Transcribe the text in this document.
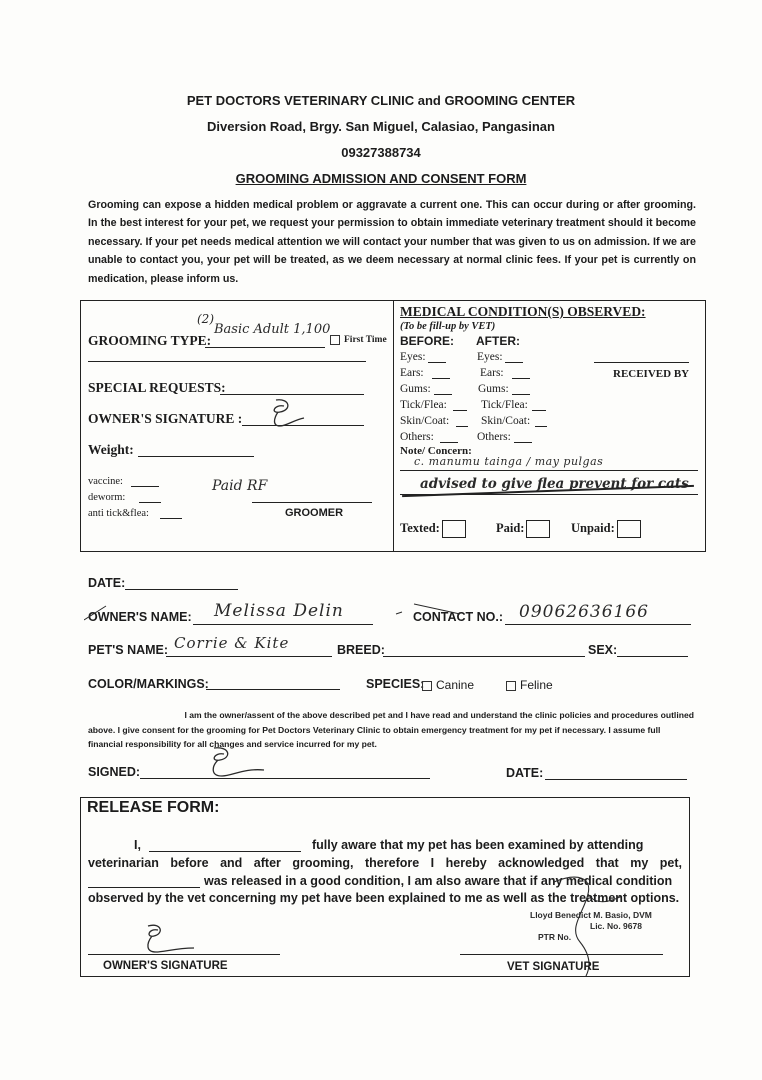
PET DOCTORS VETERINARY CLINIC and GROOMING CENTER
Diversion Road, Brgy. San Miguel, Calasiao, Pangasinan
09327388734
GROOMING ADMISSION AND CONSENT FORM
Grooming can expose a hidden medical problem or aggravate a current one. This can occur during or after grooming. In the best interest for your pet, we request your permission to obtain immediate veterinary treatment should it become necessary. If your pet needs medical attention we will contact your number that was given to us on admission. If we are unable to contact you, your pet will be treated, as we deem necessary at normal clinic fees. If your pet is currently on medication, please inform us.
GROOMING TYPE:
(2)
Basic Adult 1,100
First Time
SPECIAL REQUESTS:
OWNER'S SIGNATURE :
Weight:
vaccine:
deworm:
anti tick&flea:
Paid RF
GROOMER
MEDICAL CONDITION(S) OBSERVED:
(To be fill-up by VET)
BEFORE: AFTER:
Eyes:	Eyes:
Ears:	Ears:
Gums:	Gums:
Tick/Flea:	Tick/Flea:
Skin/Coat:	Skin/Coat:
Others:	Others:
RECEIVED BY
Note/ Concern:
c. manumu tainga / may pulgas
advised to give flea prevent for cats
Texted:	Paid:	Unpaid:
DATE:
OWNER'S NAME: Melissa Delin	CONTACT NO.: 09062636166
PET'S NAME: Corrie & Kite	BREED:	SEX:
COLOR/MARKINGS:	SPECIES: Canine	Feline
I am the owner/assent of the above described pet and I have read and understand the clinic policies and procedures outlined
above. I give consent for the grooming for Pet Doctors Veterinary Clinic to obtain emergency treatment for my pet if necessary. I assume full
financial responsibility for all changes and service incurred for my pet.
SIGNED:	DATE:
RELEASE FORM:
I,	fully aware that my pet has been examined by attending
veterinarian before and after grooming, therefore I hereby acknowledged that my pet,
was released in a good condition, I am also aware that if any medical condition
observed by the vet concerning my pet have been explained to me as well as the treatment options.
OWNER'S SIGNATURE
Lloyd Benedict M. Basio, DVM
Lic. No. 9678
PTR No.
VET SIGNATURE
